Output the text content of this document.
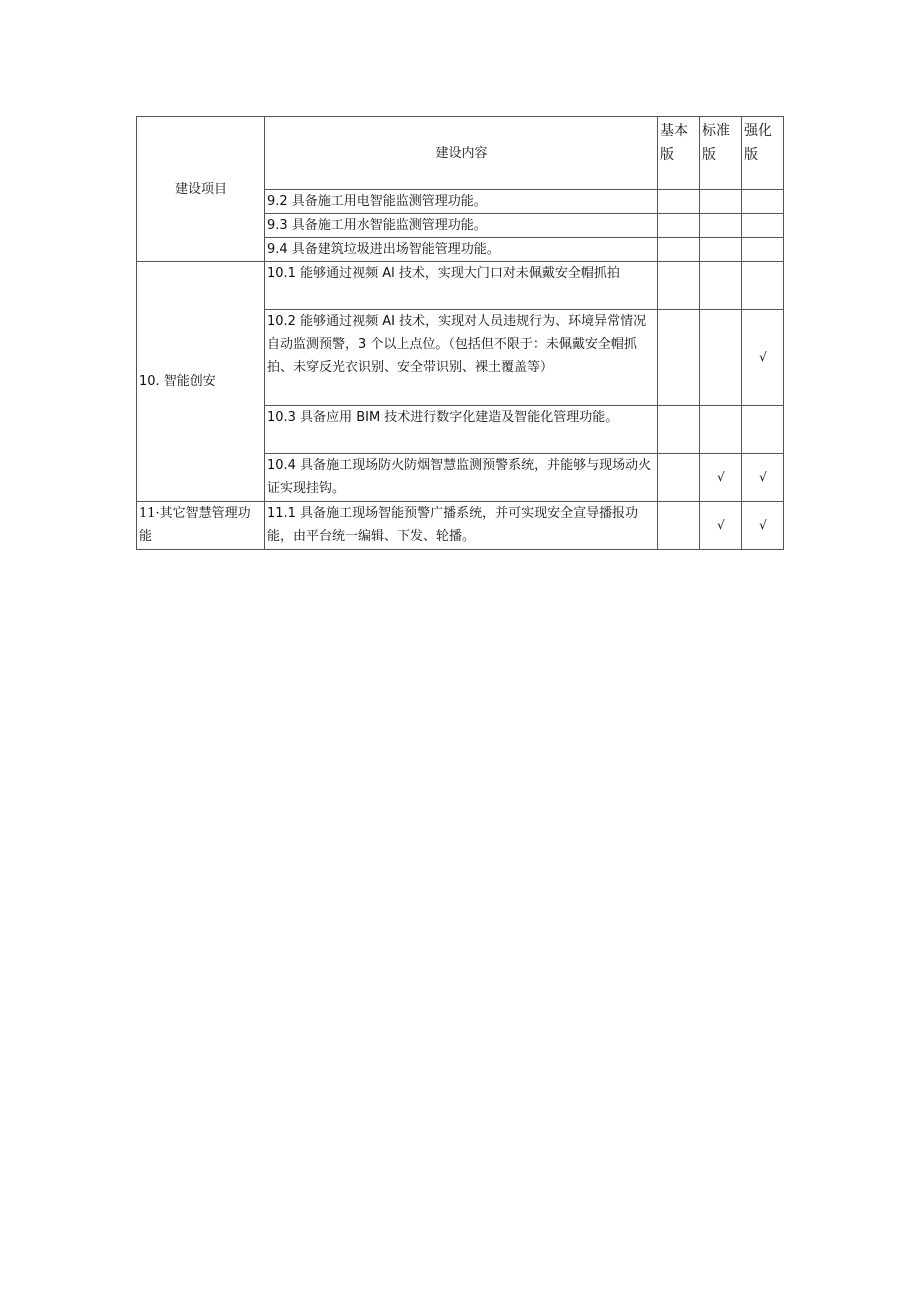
建设项目	建设内容	基本版	标准版	强化版
	9.2 具备施工用电智能监测管理功能。			
	9.3 具备施工用水智能监测管理功能。			
	9.4 具备建筑垃圾进出场智能管理功能。			
10. 智能创安	10.1 能够通过视频 Al 技术，实现大门口对未佩戴安全帽抓拍			
	10.2 能够通过视频 AI 技术，实现对人员违规行为、环境异常情况自动监测预警，3 个以上点位。（包括但不限于：未佩戴安全帽抓拍、未穿反光衣识别、安全带识别、裸土覆盖等）			√
	10.3 具备应用 BIM 技术进行数字化建造及智能化管理功能。			
	10.4 具备施工现场防火防烟智慧监测预警系统，并能够与现场动火证实现挂钩。		√	√
11·其它智慧管理功能	11.1 具备施工现场智能预警广播系统，并可实现安全宣导播报功能，由平台统一编辑、下发、轮播。		√	√
